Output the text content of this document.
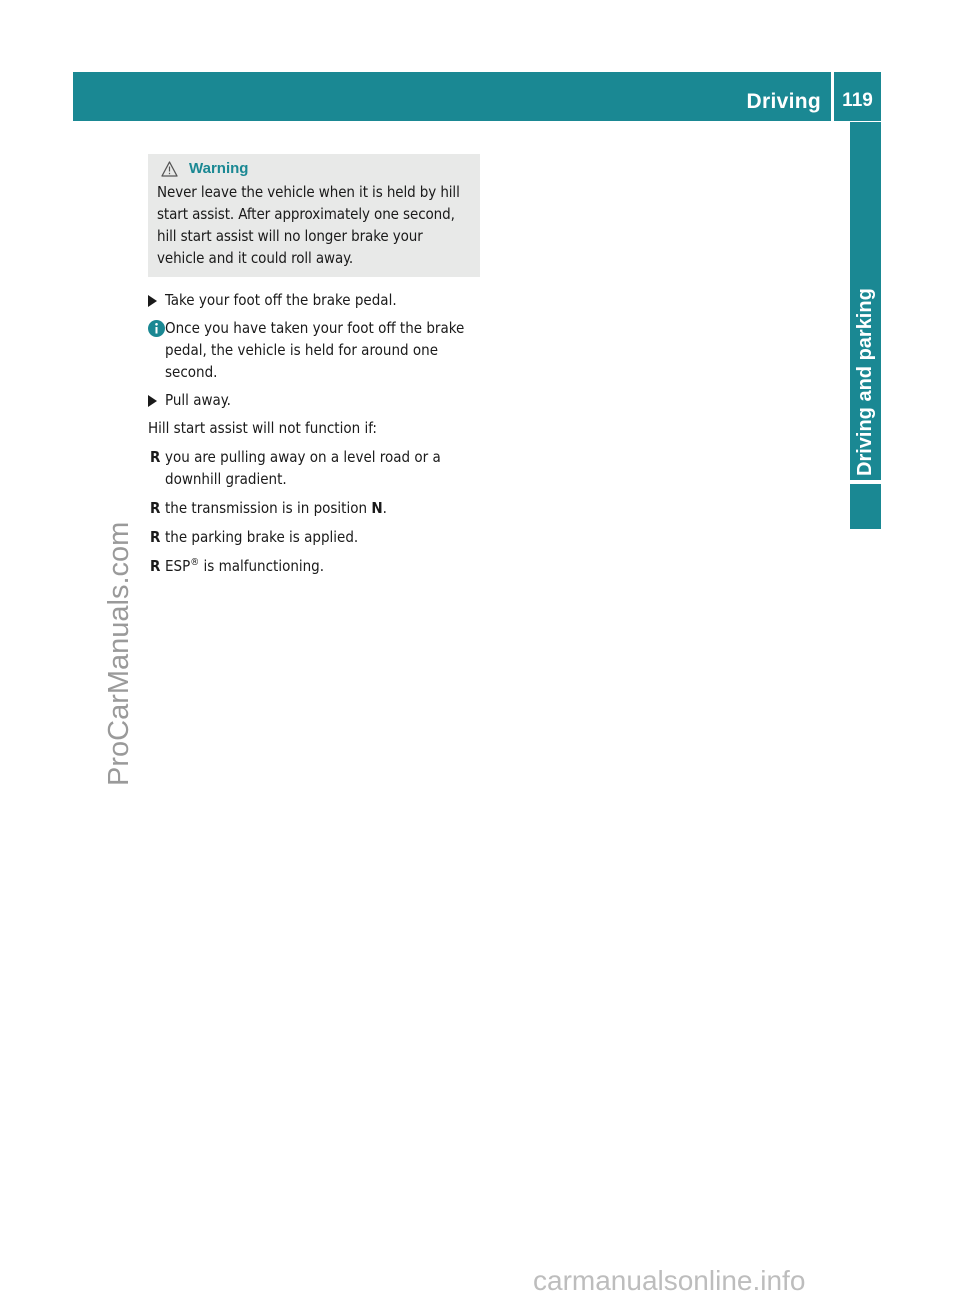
Driving	119
Driving and parking
ProCarManuals.com
Warning
Never leave the vehicle when it is held by hill start assist. After approximately one second, hill start assist will no longer brake your vehicle and it could roll away.
Take your foot off the brake pedal.
Once you have taken your foot off the brake pedal, the vehicle is held for around one second.
Pull away.
Hill start assist will not function if:
R you are pulling away on a level road or a downhill gradient.
R the transmission is in position N.
R the parking brake is applied.
R ESP® is malfunctioning.
carmanualsonline.info
